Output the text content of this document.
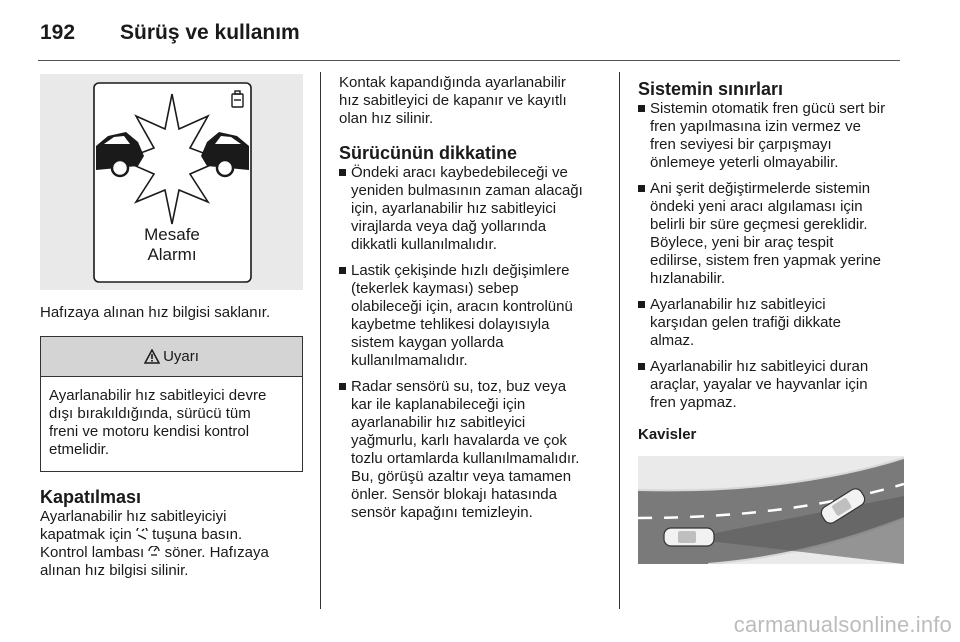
192	Sürüş ve kullanım
Mesafe
Alarmı

Hafızaya alınan hız bilgisi saklanır.

Uyarı
Ayarlanabilir hız sabitleyici devre
dışı bırakıldığında, sürücü tüm
freni ve motoru kendisi kontrol
etmelidir.
Kapatılması
Ayarlanabilir hız sabitleyiciyi
kapatmak için tuşuna basın.
Kontrol lambası söner. Hafızaya
alınan hız bilgisi silinir.
Kontak kapandığında ayarlanabilir
hız sabitleyici de kapanır ve kayıtlı
olan hız silinir.
Sürücünün dikkatine
Öndeki aracı kaybedebileceği ve
yeniden bulmasının zaman alacağı
için, ayarlanabilir hız sabitleyici
virajlarda veya dağ yollarında
dikkatli kullanılmalıdır.
Lastik çekişinde hızlı değişimlere
(tekerlek kayması) sebep
olabileceği için, aracın kontrolünü
kaybetme tehlikesi dolayısıyla
sistem kaygan yollarda
kullanılmamalıdır.
Radar sensörü su, toz, buz veya
kar ile kaplanabileceği için
ayarlanabilir hız sabitleyici
yağmurlu, karlı havalarda ve çok
tozlu ortamlarda kullanılmamalıdır.
Bu, görüşü azaltır veya tamamen
önler. Sensör blokajı hatasında
sensör kapağını temizleyin.
Sistemin sınırları
Sistemin otomatik fren gücü sert bir
fren yapılmasına izin vermez ve
fren seviyesi bir çarpışmayı
önlemeye yeterli olmayabilir.
Ani şerit değiştirmelerde sistemin
öndeki yeni aracı algılaması için
belirli bir süre geçmesi gereklidir.
Böylece, yeni bir araç tespit
edilirse, sistem fren yapmak yerine
hızlanabilir.
Ayarlanabilir hız sabitleyici
karşıdan gelen trafiği dikkate
almaz.
Ayarlanabilir hız sabitleyici duran
araçlar, yayalar ve hayvanlar için
fren yapmaz.
Kavisler
carmanualsonline.info
